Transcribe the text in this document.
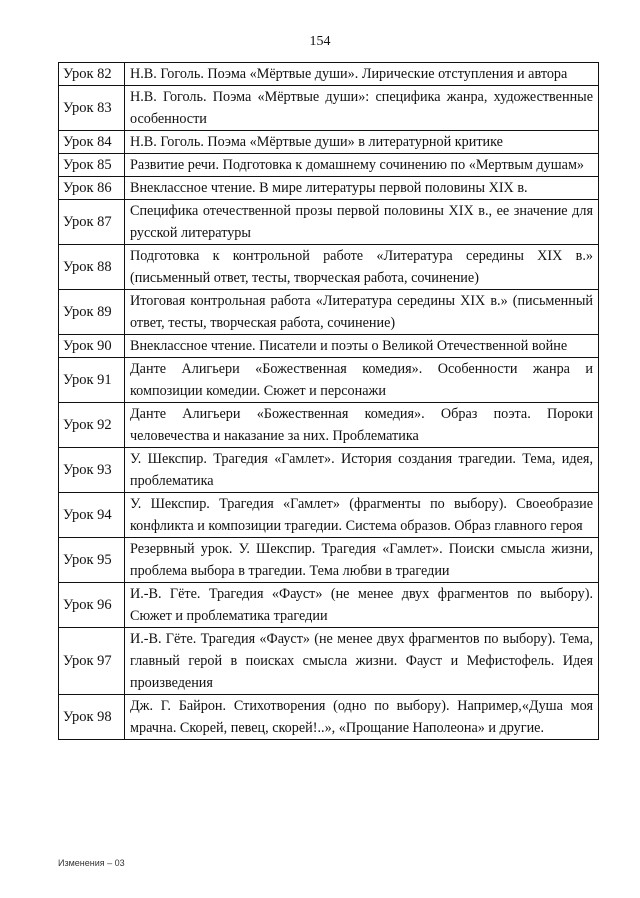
154
Урок 82	Н.В. Гоголь. Поэма «Мёртвые души». Лирические отступления и автора
Урок 83	Н.В. Гоголь. Поэма «Мёртвые души»: специфика жанра, художественные особенности
Урок 84	Н.В. Гоголь. Поэма «Мёртвые души» в литературной критике
Урок 85	Развитие речи. Подготовка к домашнему сочинению по «Мертвым душам»
Урок 86	Внеклассное чтение. В мире литературы первой половины XIX в.
Урок 87	Специфика отечественной прозы первой половины XIX в., ее значение для русской литературы
Урок 88	Подготовка к контрольной работе «Литература середины XIX в.» (письменный ответ, тесты, творческая работа, сочинение)
Урок 89	Итоговая контрольная работа «Литература середины XIX в.» (письменный ответ, тесты, творческая работа, сочинение)
Урок 90	Внеклассное чтение. Писатели и поэты о Великой Отечественной войне
Урок 91	Данте Алигьери «Божественная комедия». Особенности жанра и композиции комедии. Сюжет и персонажи
Урок 92	Данте Алигьери «Божественная комедия». Образ поэта. Пороки человечества и наказание за них. Проблематика
Урок 93	У. Шекспир. Трагедия «Гамлет». История создания трагедии. Тема, идея, проблематика
Урок 94	У. Шекспир. Трагедия «Гамлет» (фрагменты по выбору). Своеобразие конфликта и композиции трагедии. Система образов. Образ главного героя
Урок 95	Резервный урок. У. Шекспир. Трагедия «Гамлет». Поиски смысла жизни, проблема выбора в трагедии. Тема любви в трагедии
Урок 96	И.-В. Гёте. Трагедия «Фауст» (не менее двух фрагментов по выбору). Сюжет и проблематика трагедии
Урок 97	И.-В. Гёте. Трагедия «Фауст» (не менее двух фрагментов по выбору). Тема, главный герой в поисках смысла жизни. Фауст и Мефистофель. Идея произведения
Урок 98	Дж. Г. Байрон. Стихотворения (одно по выбору). Например,«Душа моя мрачна. Скорей, певец, скорей!..», «Прощание Наполеона» и другие.
Изменения – 03
